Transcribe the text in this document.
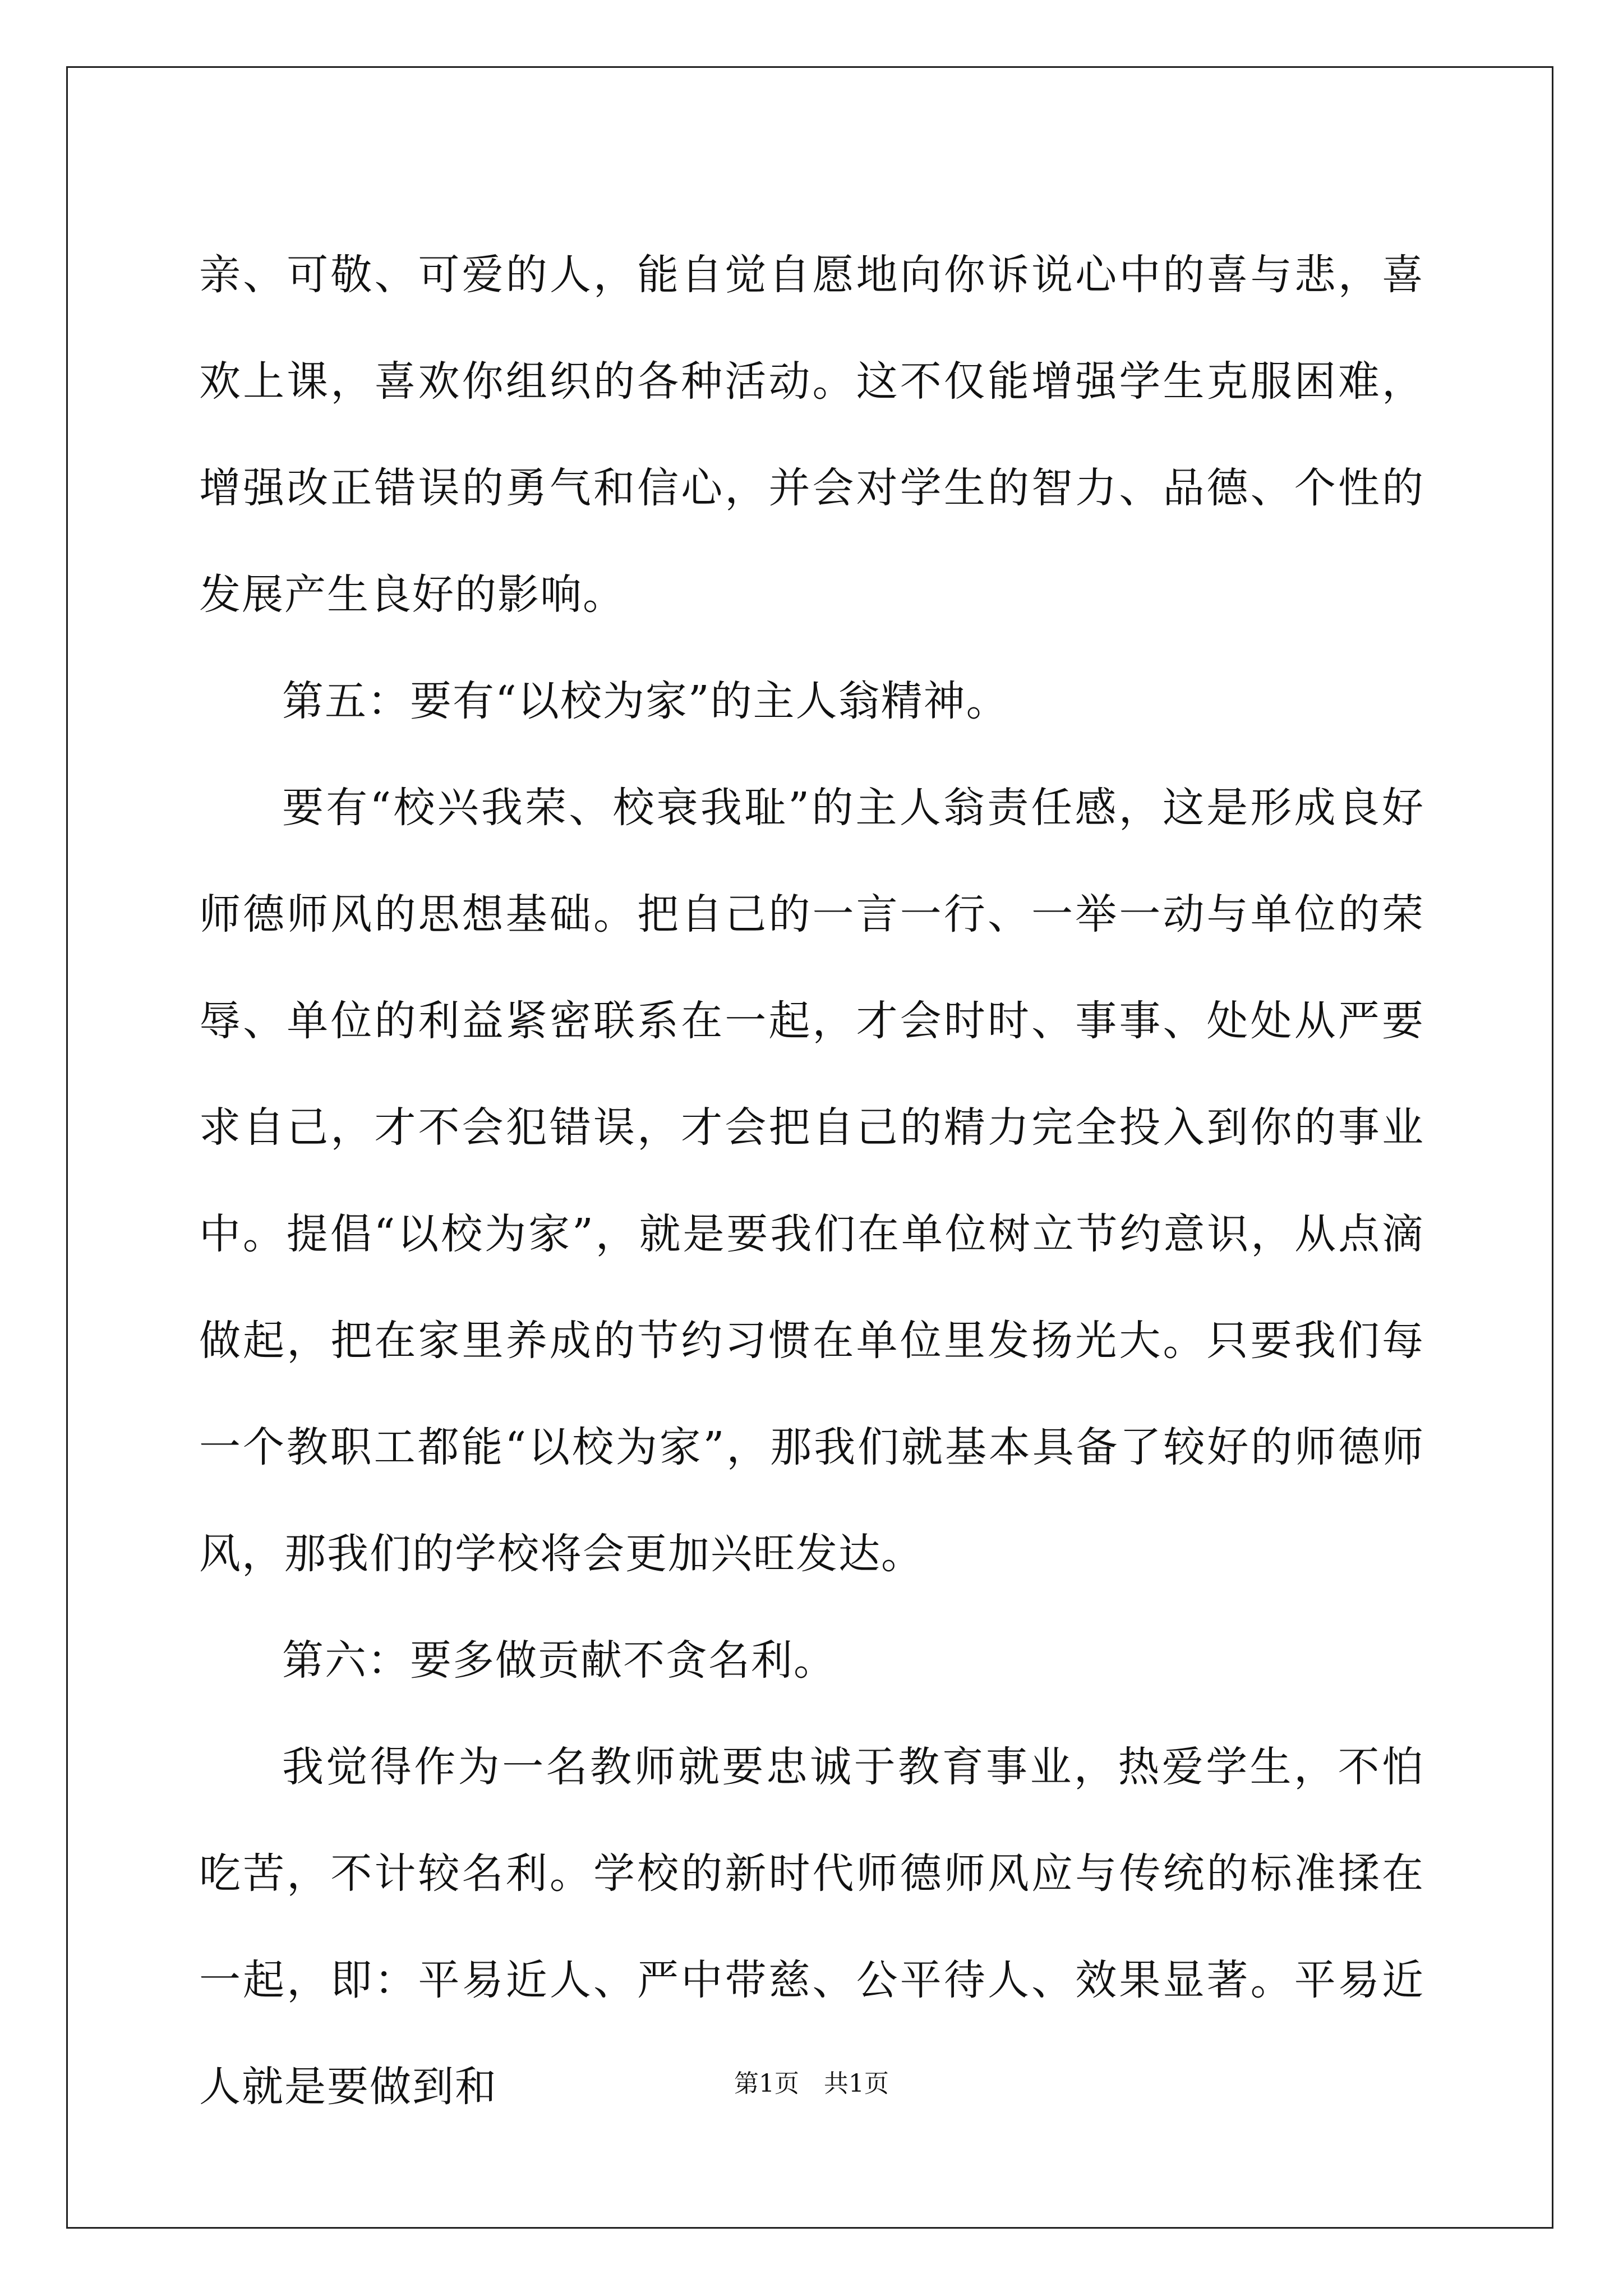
亲、可敬、可爱的人，能自觉自愿地向你诉说心中的喜与悲，喜欢上课，喜欢你组织的各种活动。这不仅能增强学生克服困难，增强改正错误的勇气和信心，并会对学生的智力、品德、个性的发展产生良好的影响。

第五：要有“以校为家”的主人翁精神。

要有“校兴我荣、校衰我耻”的主人翁责任感，这是形成良好师德师风的思想基础。把自己的一言一行、一举一动与单位的荣辱、单位的利益紧密联系在一起，才会时时、事事、处处从严要求自己，才不会犯错误，才会把自己的精力完全投入到你的事业中。提倡“以校为家”，就是要我们在单位树立节约意识，从点滴做起，把在家里养成的节约习惯在单位里发扬光大。只要我们每一个教职工都能“以校为家”，那我们就基本具备了较好的师德师风，那我们的学校将会更加兴旺发达。

第六：要多做贡献不贪名利。

我觉得作为一名教师就要忠诚于教育事业，热爱学生，不怕吃苦，不计较名利。学校的新时代师德师风应与传统的标准揉在一起，即：平易近人、严中带慈、公平待人、效果显著。平易近人就是要做到和	第1页　共1页
